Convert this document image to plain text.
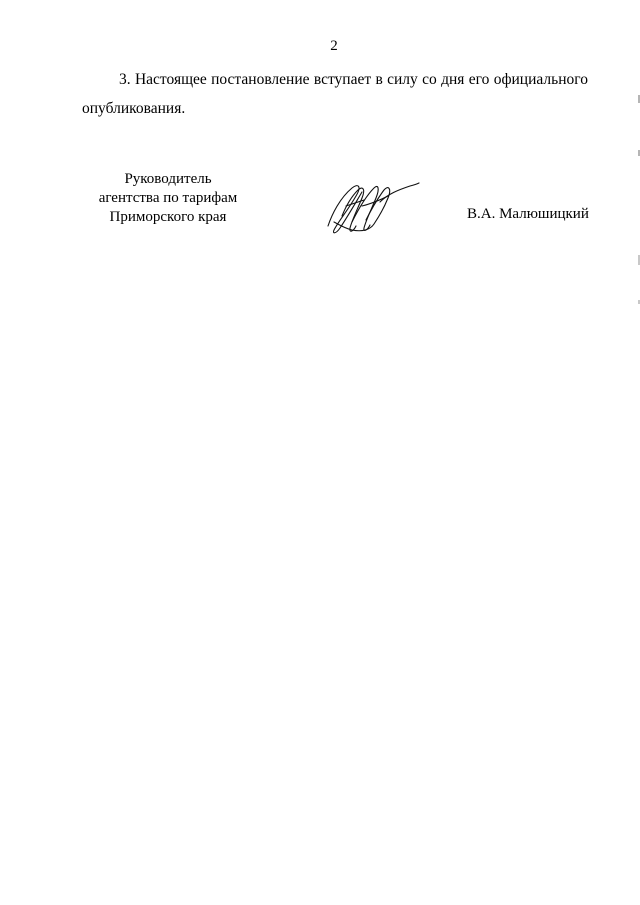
2

3. Настоящее постановление вступает в силу со дня его официального опубликования.

Руководитель
агентства по тарифам
Приморского края	В.А. Малюшицкий
